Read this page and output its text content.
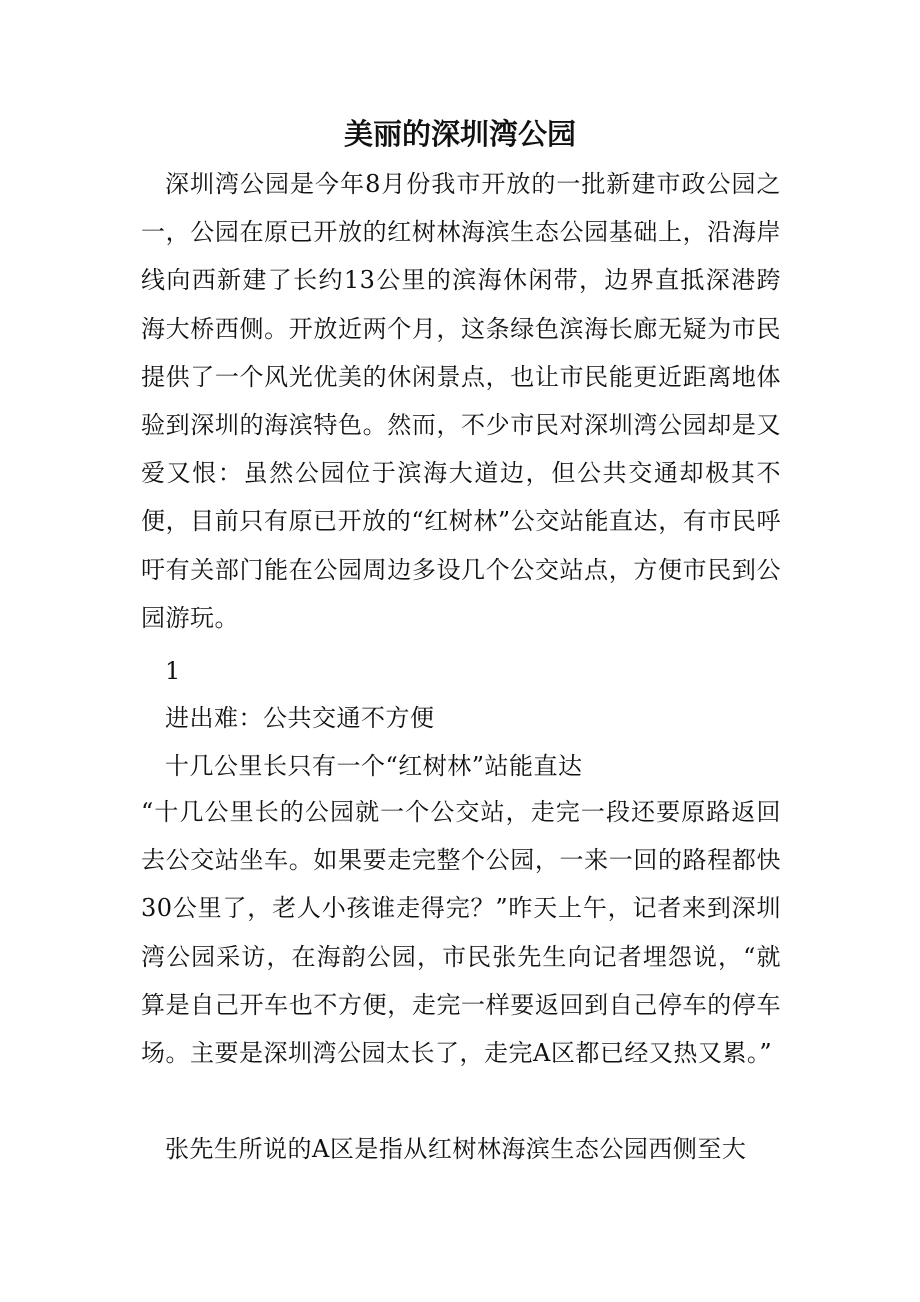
美丽的深圳湾公园

深圳湾公园是今年8月份我市开放的一批新建市政公园之一，公园在原已开放的红树林海滨生态公园基础上，沿海岸线向西新建了长约13公里的滨海休闲带，边界直抵深港跨海大桥西侧。开放近两个月，这条绿色滨海长廊无疑为市民提供了一个风光优美的休闲景点，也让市民能更近距离地体验到深圳的海滨特色。然而，不少市民对深圳湾公园却是又爱又恨：虽然公园位于滨海大道边，但公共交通却极其不便，目前只有原已开放的“红树林”公交站能直达，有市民呼吁有关部门能在公园周边多设几个公交站点，方便市民到公园游玩。

1

进出难：公共交通不方便

十几公里长只有一个“红树林”站能直达

“十几公里长的公园就一个公交站，走完一段还要原路返回去公交站坐车。如果要走完整个公园，一来一回的路程都快30公里了，老人小孩谁走得完？”昨天上午，记者来到深圳湾公园采访，在海韵公园，市民张先生向记者埋怨说，“就算是自己开车也不方便，走完一样要返回到自己停车的停车场。主要是深圳湾公园太长了，走完A区都已经又热又累。”

张先生所说的A区是指从红树林海滨生态公园西侧至大
